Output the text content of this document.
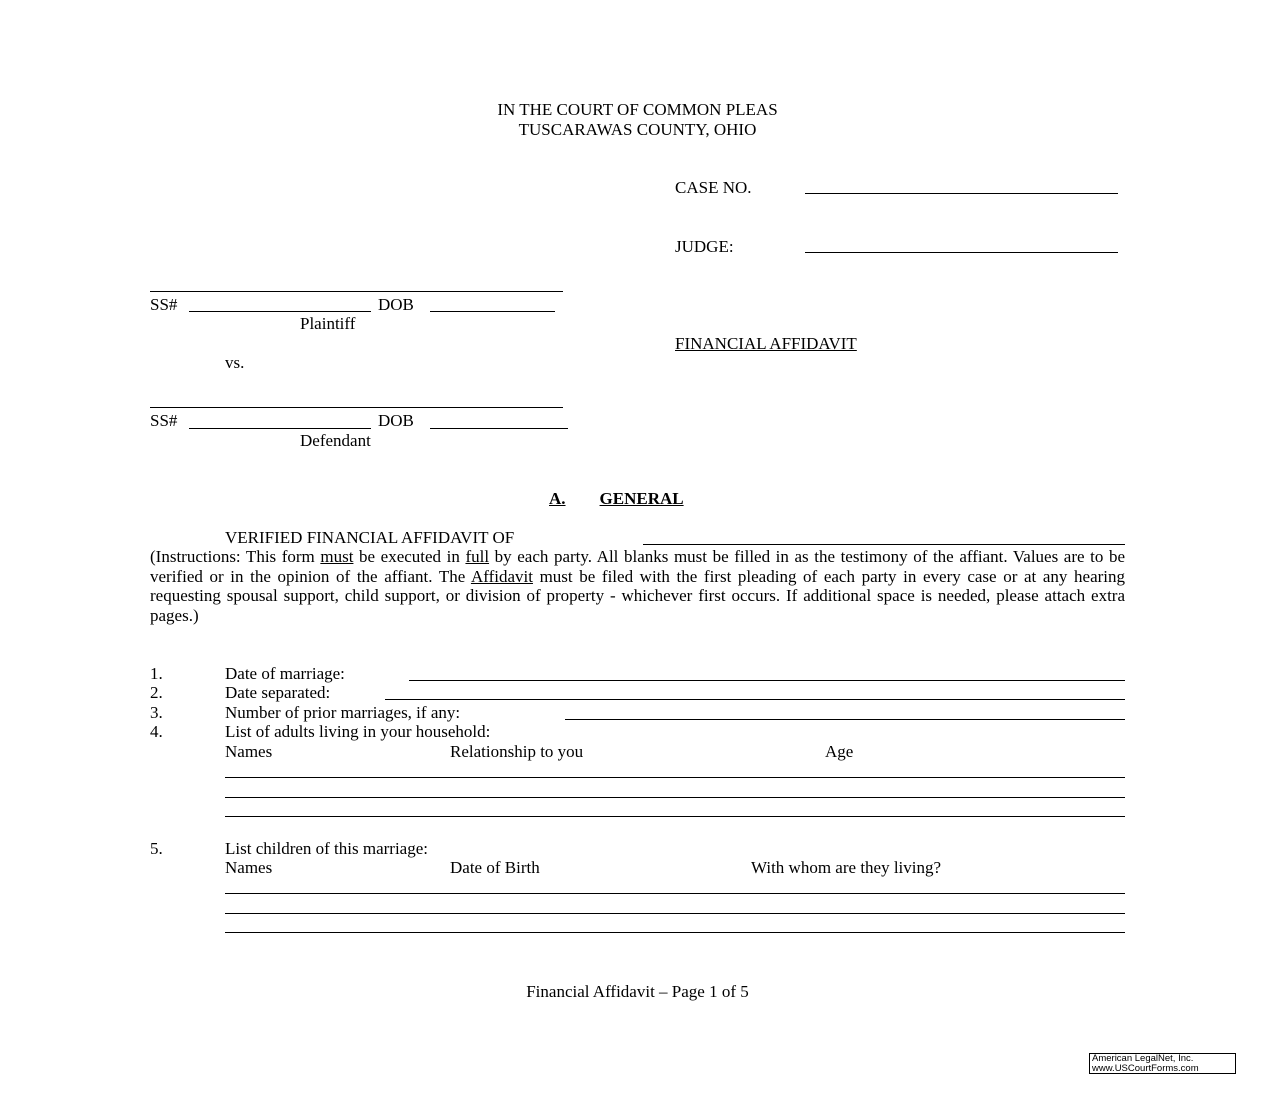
IN THE COURT OF COMMON PLEAS
TUSCARAWAS COUNTY, OHIO
CASE NO.
JUDGE:
SS#	DOB
Plaintiff
vs.
SS#	DOB
Defendant
FINANCIAL AFFIDAVIT
A. GENERAL
VERIFIED FINANCIAL AFFIDAVIT OF
(Instructions: This form must be executed in full by each party. All blanks must be filled in as the testimony of the affiant. Values are to be verified or in the opinion of the affiant. The Affidavit must be filed with the first pleading of each party in every case or at any hearing requesting spousal support, child support, or division of property - whichever first occurs. If additional space is needed, please attach extra pages.)
1.	Date of marriage:
2.	Date separated:
3.	Number of prior marriages, if any:
4.	List of adults living in your household:
Names	Relationship to you	Age
5.	List children of this marriage:
Names	Date of Birth	With whom are they living?
Financial Affidavit – Page 1 of 5
American LegalNet, Inc.
www.USCourtForms.com
